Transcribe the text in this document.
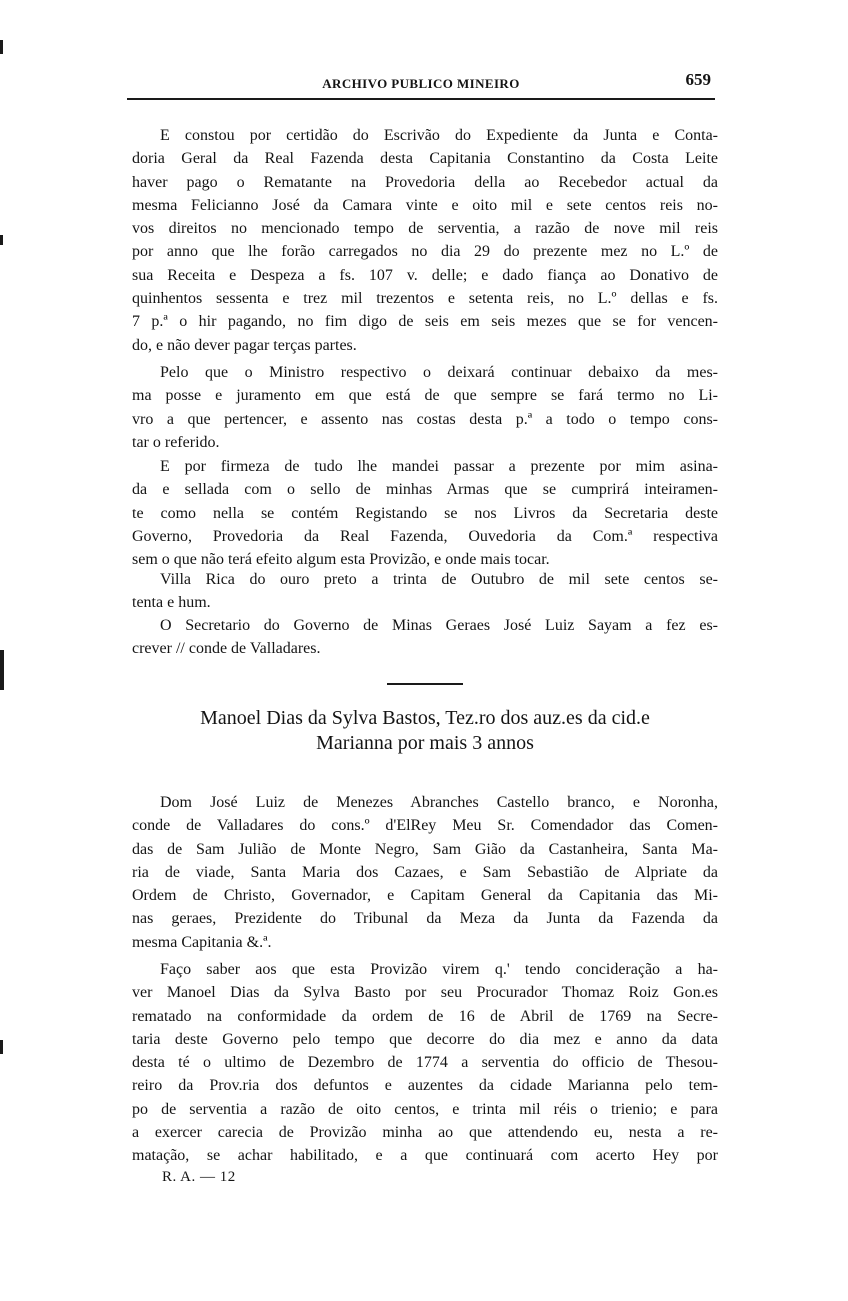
ARCHIVO PUBLICO MINEIRO	659
E constou por certidão do Escrivão do Expediente da Junta e Conta-
doria Geral da Real Fazenda desta Capitania Constantino da Costa Leite
haver pago o Rematante na Provedoria della ao Recebedor actual da
mesma Felicianno José da Camara vinte e oito mil e sete centos reis no-
vos direitos no mencionado tempo de serventia, a razão de nove mil reis
por anno que lhe forão carregados no dia 29 do prezente mez no L.º de
sua Receita e Despeza a fs. 107 v. delle; e dado fiança ao Donativo de
quinhentos sessenta e trez mil trezentos e setenta reis, no L.º dellas e fs.
7 p.ª o hir pagando, no fim digo de seis em seis mezes que se for vencen-
do, e não dever pagar terças partes.
Pelo que o Ministro respectivo o deixará continuar debaixo da mes-
ma posse e juramento em que está de que sempre se fará termo no Li-
vro a que pertencer, e assento nas costas desta p.ª a todo o tempo cons-
tar o referido.
E por firmeza de tudo lhe mandei passar a prezente por mim asina-
da e sellada com o sello de minhas Armas que se cumprirá inteiramen-
te como nella se contém Registando se nos Livros da Secretaria deste
Governo, Provedoria da Real Fazenda, Ouvedoria da Com.ª respectiva
sem o que não terá efeito algum esta Provizão, e onde mais tocar.
Villa Rica do ouro preto a trinta de Outubro de mil sete centos se-
tenta e hum.
O Secretario do Governo de Minas Geraes José Luiz Sayam a fez es-
crever // conde de Valladares.
Manoel Dias da Sylva Bastos, Tez.ro dos auz.es da cid.e
Marianna por mais 3 annos
Dom José Luiz de Menezes Abranches Castello branco, e Noronha,
conde de Valladares do cons.º d'ElRey Meu Sr. Comendador das Comen-
das de Sam Julião de Monte Negro, Sam Gião da Castanheira, Santa Ma-
ria de viade, Santa Maria dos Cazaes, e Sam Sebastião de Alpriate da
Ordem de Christo, Governador, e Capitam General da Capitania das Mi-
nas geraes, Prezidente do Tribunal da Meza da Junta da Fazenda da
mesma Capitania &.ª.
Faço saber aos que esta Provizão virem q.' tendo concideração a ha-
ver Manoel Dias da Sylva Basto por seu Procurador Thomaz Roiz Gon.es
rematado na conformidade da ordem de 16 de Abril de 1769 na Secre-
taria deste Governo pelo tempo que decorre do dia mez e anno da data
desta té o ultimo de Dezembro de 1774 a serventia do officio de Thesou-
reiro da Prov.ria dos defuntos e auzentes da cidade Marianna pelo tem-
po de serventia a razão de oito centos, e trinta mil réis o trienio; e para
a exercer carecia de Provizão minha ao que attendendo eu, nesta a re-
matação, se achar habilitado, e a que continuará com acerto Hey por
R. A. — 12
